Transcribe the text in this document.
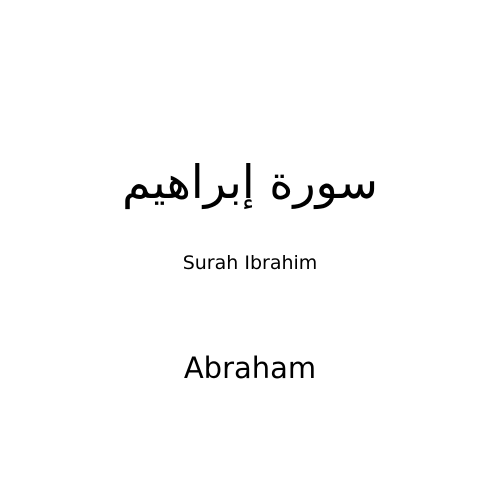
سورة إبراهيم
Surah Ibrahim
Abraham
